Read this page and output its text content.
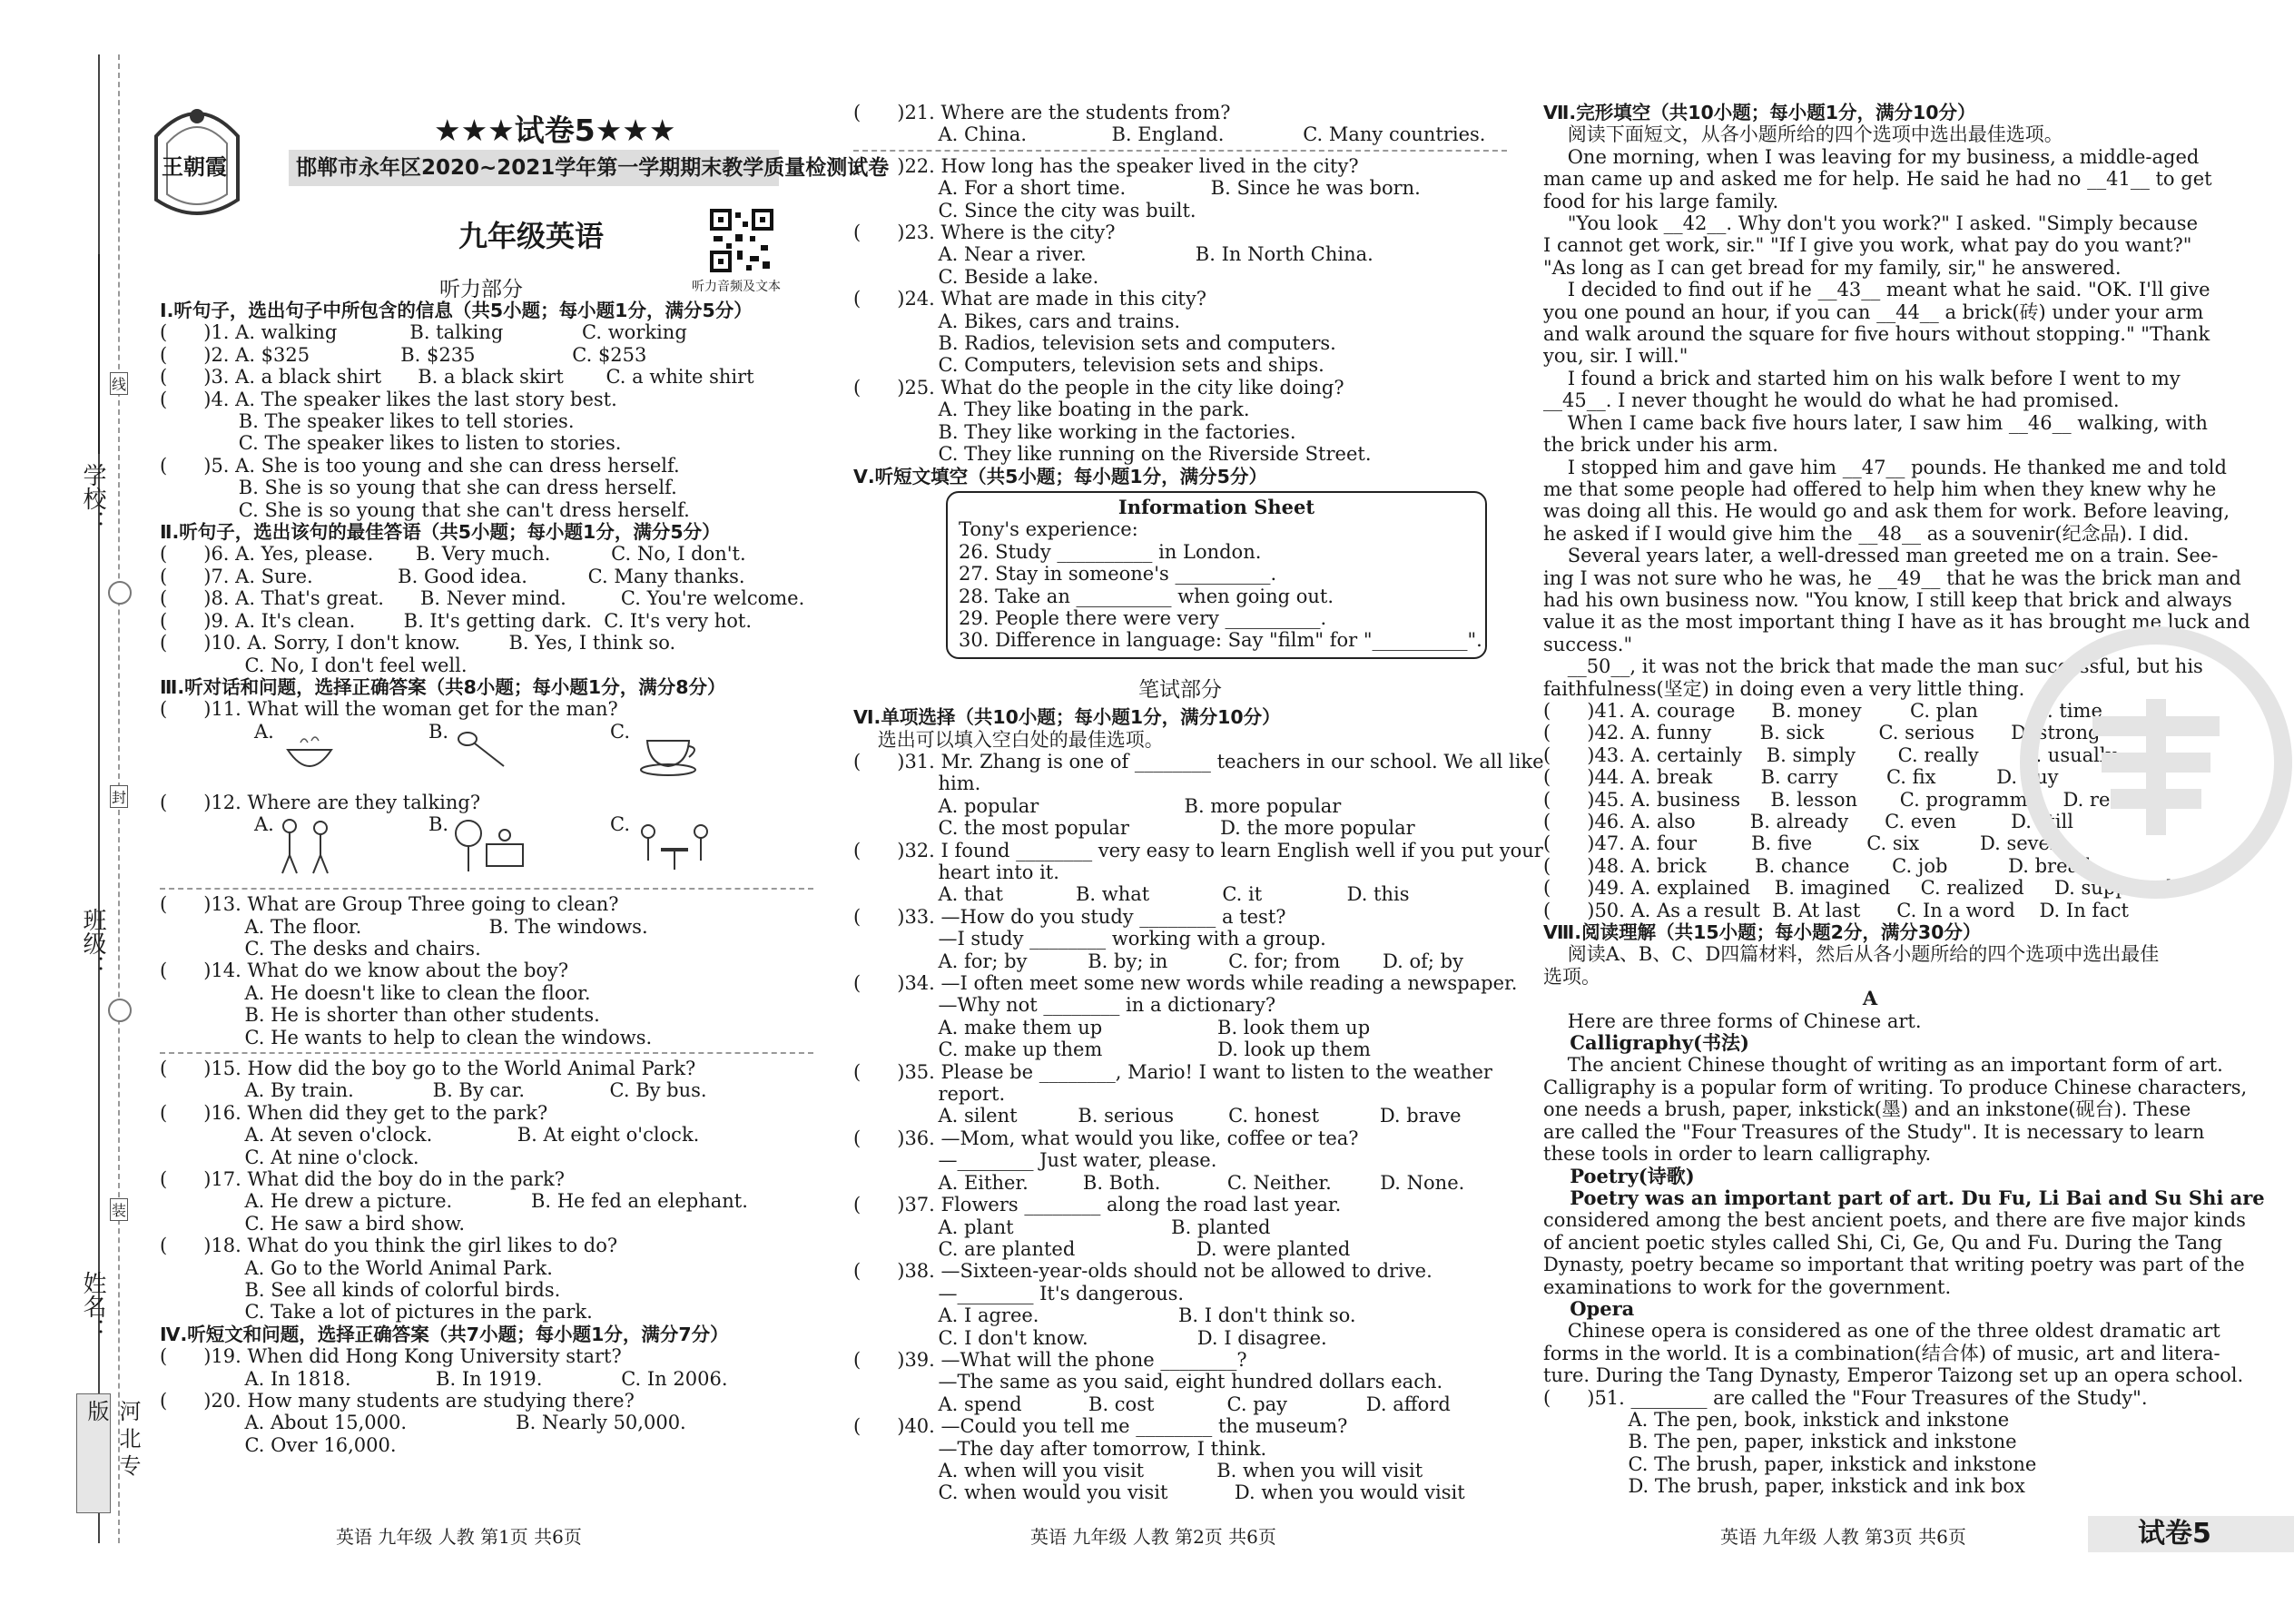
学校：
班级：
姓名：
线
封
装
河北专版
王朝霞
★★★试卷5★★★
邯郸市永年区2020~2021学年第一学期期末教学质量检测试卷
九年级英语
听力音频及文本
听力部分
Ⅰ.听句子，选出句子中所包含的信息（共5小题；每小题1分，满分5分）
(      )1. A. walking            B. talking             C. working
(      )2. A. $325               B. $235                C. $253
(      )3. A. a black shirt      B. a black skirt       C. a white shirt
(      )4. A. The speaker likes the last story best.
B. The speaker likes to tell stories.
C. The speaker likes to listen to stories.
(      )5. A. She is too young and she can dress herself.
B. She is so young that she can dress herself.
C. She is so young that she can't dress herself.
Ⅱ.听句子，选出该句的最佳答语（共5小题；每小题1分，满分5分）
(      )6. A. Yes, please.       B. Very much.          C. No, I don't.
(      )7. A. Sure.              B. Good idea.          C. Many thanks.
(      )8. A. That's great.      B. Never mind.         C. You're welcome.
(      )9. A. It's clean.        B. It's getting dark.  C. It's very hot.
(      )10. A. Sorry, I don't know.        B. Yes, I think so.
C. No, I don't feel well.
Ⅲ.听对话和问题，选择正确答案（共8小题；每小题1分，满分8分）
(      )11. What will the woman get for the man?
A.	B.	C.
(      )12. Where are they talking?
A.	B.	C.
(      )13. What are Group Three going to clean?
A. The floor.                     B. The windows.
C. The desks and chairs.
(      )14. What do we know about the boy?
A. He doesn't like to clean the floor.
B. He is shorter than other students.
C. He wants to help to clean the windows.
(      )15. How did the boy go to the World Animal Park?
A. By train.             B. By car.              C. By bus.
(      )16. When did they get to the park?
A. At seven o'clock.              B. At eight o'clock.
C. At nine o'clock.
(      )17. What did the boy do in the park?
A. He drew a picture.             B. He fed an elephant.
C. He saw a bird show.
(      )18. What do you think the girl likes to do?
A. Go to the World Animal Park.
B. See all kinds of colorful birds.
C. Take a lot of pictures in the park.
Ⅳ.听短文和问题，选择正确答案（共7小题；每小题1分，满分7分）
(      )19. When did Hong Kong University start?
A. In 1818.              B. In 1919.             C. In 2006.
(      )20. How many students are studying there?
A. About 15,000.                  B. Nearly 50,000.
C. Over 16,000.
(      )21. Where are the students from?
A. China.              B. England.             C. Many countries.
(      )22. How long has the speaker lived in the city?
A. For a short time.              B. Since he was born.
C. Since the city was built.
(      )23. Where is the city?
A. Near a river.                  B. In North China.
C. Beside a lake.
(      )24. What are made in this city?
A. Bikes, cars and trains.
B. Radios, television sets and computers.
C. Computers, television sets and ships.
(      )25. What do the people in the city like doing?
A. They like boating in the park.
B. They like working in the factories.
C. They like running on the Riverside Street.
Ⅴ.听短文填空（共5小题；每小题1分，满分5分）
Information Sheet
Tony's experience:
26. Study __________ in London.
27. Stay in someone's __________.
28. Take an __________ when going out.
29. People there were very __________.
30. Difference in language: Say "film" for "__________".
笔试部分
Ⅵ.单项选择（共10小题；每小题1分，满分10分）
选出可以填入空白处的最佳选项。
(      )31. Mr. Zhang is one of ________ teachers in our school. We all like
him.
A. popular                        B. more popular
C. the most popular               D. the more popular
(      )32. I found ________ very easy to learn English well if you put your
heart into it.
A. that            B. what            C. it              D. this
(      )33. —How do you study ________ a test?
—I study ________ working with a group.
A. for; by          B. by; in          C. for; from       D. of; by
(      )34. —I often meet some new words while reading a newspaper.
—Why not ________ in a dictionary?
A. make them up                   B. look them up
C. make up them                   D. look up them
(      )35. Please be ________, Mario! I want to listen to the weather
report.
A. silent          B. serious         C. honest          D. brave
(      )36. —Mom, what would you like, coffee or tea?
—________ Just water, please.
A. Either.         B. Both.           C. Neither.        D. None.
(      )37. Flowers ________ along the road last year.
A. plant                          B. planted
C. are planted                    D. were planted
(      )38. —Sixteen-year-olds should not be allowed to drive.
—________ It's dangerous.
A. I agree.                       B. I don't think so.
C. I don't know.                  D. I disagree.
(      )39. —What will the phone ________?
—The same as you said, eight hundred dollars each.
A. spend           B. cost            C. pay             D. afford
(      )40. —Could you tell me ________ the museum?
—The day after tomorrow, I think.
A. when will you visit            B. when you will visit
C. when would you visit           D. when you would visit
Ⅶ.完形填空（共10小题；每小题1分，满分10分）
阅读下面短文，从各小题所给的四个选项中选出最佳选项。
One morning, when I was leaving for my business, a middle-aged
man came up and asked me for help. He said he had no __41__ to get
food for his large family.
"You look __42__. Why don't you work?" I asked. "Simply because
I cannot get work, sir." "If I give you work, what pay do you want?"
"As long as I can get bread for my family, sir," he answered.
I decided to find out if he __43__ meant what he said. "OK. I'll give
you one pound an hour, if you can __44__ a brick(砖) under your arm
and walk around the square for five hours without stopping." "Thank
you, sir. I will."
I found a brick and started him on his walk before I went to my
__45__. I never thought he would do what he had promised.
When I came back five hours later, I saw him __46__ walking, with
the brick under his arm.
I stopped him and gave him __47__ pounds. He thanked me and told
me that some people had offered to help him when they knew why he
was doing all this. He would go and ask them for work. Before leaving,
he asked if I would give him the __48__ as a souvenir(纪念品). I did.
Several years later, a well-dressed man greeted me on a train. See-
ing I was not sure who he was, he __49__ that he was the brick man and
had his own business now. "You know, I still keep that brick and always
value it as the most important thing I have as it has brought me luck and
success."
__50__, it was not the brick that made the man successful, but his
faithfulness(坚定) in doing even a very little thing.
(      )41. A. courage      B. money        C. plan         D. time
(      )42. A. funny        B. sick         C. serious      D. strong
(      )43. A. certainly    B. simply       C. really       D. usually
(      )44. A. break        B. carry        C. fix          D. buy
(      )45. A. business     B. lesson       C. programme    D. research
(      )46. A. also         B. already      C. even         D. still
(      )47. A. four         B. five         C. six          D. seven
(      )48. A. brick        B. chance       C. job          D. bread
(      )49. A. explained    B. imagined     C. realized     D. supposed
(      )50. A. As a result  B. At last      C. In a word    D. In fact
Ⅷ.阅读理解（共15小题；每小题2分，满分30分）
阅读A、B、C、D四篇材料，然后从各小题所给的四个选项中选出最佳
选项。
A
Here are three forms of Chinese art.
Calligraphy(书法)
The ancient Chinese thought of writing as an important form of art.
Calligraphy is a popular form of writing. To produce Chinese characters,
one needs a brush, paper, inkstick(墨) and an inkstone(砚台). These
are called the "Four Treasures of the Study". It is necessary to learn
these tools in order to learn calligraphy.
Poetry(诗歌)
Poetry was an important part of art. Du Fu, Li Bai and Su Shi are
considered among the best ancient poets, and there are five major kinds
of ancient poetic styles called Shi, Ci, Ge, Qu and Fu. During the Tang
Dynasty, poetry became so important that writing poetry was part of the
examinations to work for the government.
Opera
Chinese opera is considered as one of the three oldest dramatic art
forms in the world. It is a combination(结合体) of music, art and litera-
ture. During the Tang Dynasty, Emperor Taizong set up an opera school.
(      )51. ________ are called the "Four Treasures of the Study".
A. The pen, book, inkstick and inkstone
B. The pen, paper, inkstick and inkstone
C. The brush, paper, inkstick and inkstone
D. The brush, paper, inkstick and ink box
英语 九年级 人教 第1页 共6页	英语 九年级 人教 第2页 共6页	英语 九年级 人教 第3页 共6页	试卷5
